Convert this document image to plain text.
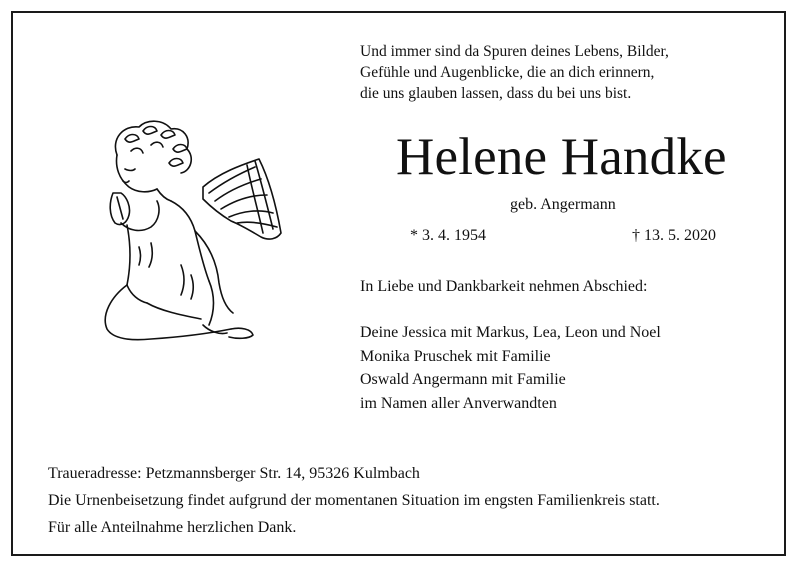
Und immer sind da Spuren deines Lebens, Bilder,
Gefühle und Augenblicke, die an dich erinnern,
die uns glauben lassen, dass du bei uns bist.
Helene Handke
geb. Angermann
* 3. 4. 1954	† 13. 5. 2020
In Liebe und Dankbarkeit nehmen Abschied:
Deine Jessica mit Markus, Lea, Leon und Noel
Monika Pruschek mit Familie
Oswald Angermann mit Familie
im Namen aller Anverwandten
Traueradresse: Petzmannsberger Str. 14, 95326 Kulmbach
Die Urnenbeisetzung findet aufgrund der momentanen Situation im engsten Familienkreis statt.
Für alle Anteilnahme herzlichen Dank.
